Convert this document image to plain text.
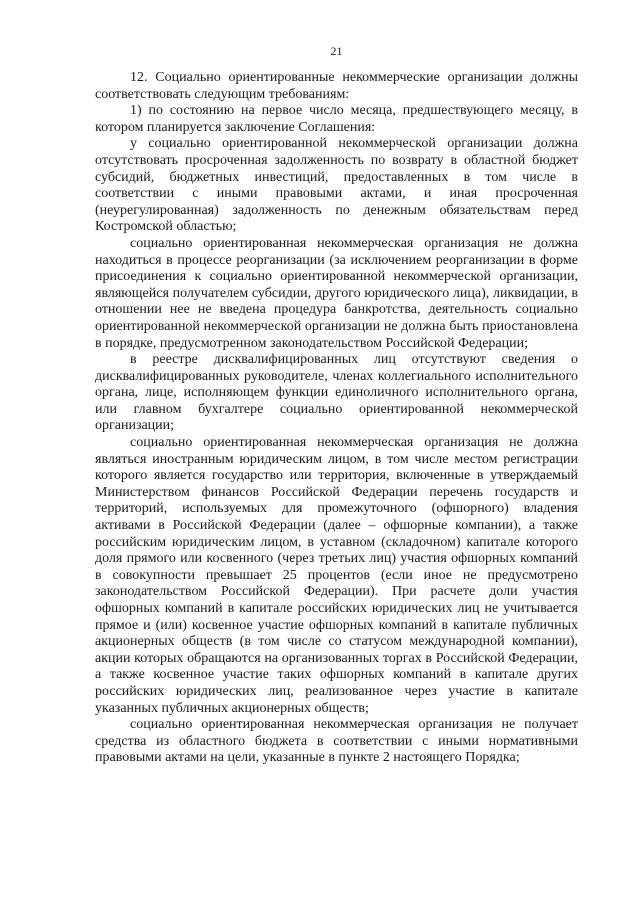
21

12. Социально ориентированные некоммерческие организации должны соответствовать следующим требованиям:

1) по состоянию на первое число месяца, предшествующего месяцу, в котором планируется заключение Соглашения:

у социально ориентированной некоммерческой организации должна отсутствовать просроченная задолженность по возврату в областной бюджет субсидий, бюджетных инвестиций, предоставленных в том числе в соответствии с иными правовыми актами, и иная просроченная (неурегулированная) задолженность по денежным обязательствам перед Костромской областью;

социально ориентированная некоммерческая организация не должна находиться в процессе реорганизации (за исключением реорганизации в форме присоединения к социально ориентированной некоммерческой организации, являющейся получателем субсидии, другого юридического лица), ликвидации, в отношении нее не введена процедура банкротства, деятельность социально ориентированной некоммерческой организации не должна быть приостановлена в порядке, предусмотренном законодательством Российской Федерации;

в реестре дисквалифицированных лиц отсутствуют сведения о дисквалифицированных руководителе, членах коллегиального исполнительного органа, лице, исполняющем функции единоличного исполнительного органа, или главном бухгалтере социально ориентированной некоммерческой организации;

социально ориентированная некоммерческая организация не должна являться иностранным юридическим лицом, в том числе местом регистрации которого является государство или территория, включенные в утверждаемый Министерством финансов Российской Федерации перечень государств и территорий, используемых для промежуточного (офшорного) владения активами в Российской Федерации (далее – офшорные компании), а также российским юридическим лицом, в уставном (складочном) капитале которого доля прямого или косвенного (через третьих лиц) участия офшорных компаний в совокупности превышает 25 процентов (если иное не предусмотрено законодательством Российской Федерации). При расчете доли участия офшорных компаний в капитале российских юридических лиц не учитывается прямое и (или) косвенное участие офшорных компаний в капитале публичных акционерных обществ (в том числе со статусом международной компании), акции которых обращаются на организованных торгах в Российской Федерации, а также косвенное участие таких офшорных компаний в капитале других российских юридических лиц, реализованное через участие в капитале указанных публичных акционерных обществ;

социально ориентированная некоммерческая организация не получает средства из областного бюджета в соответствии с иными нормативными правовыми актами на цели, указанные в пункте 2 настоящего Порядка;
